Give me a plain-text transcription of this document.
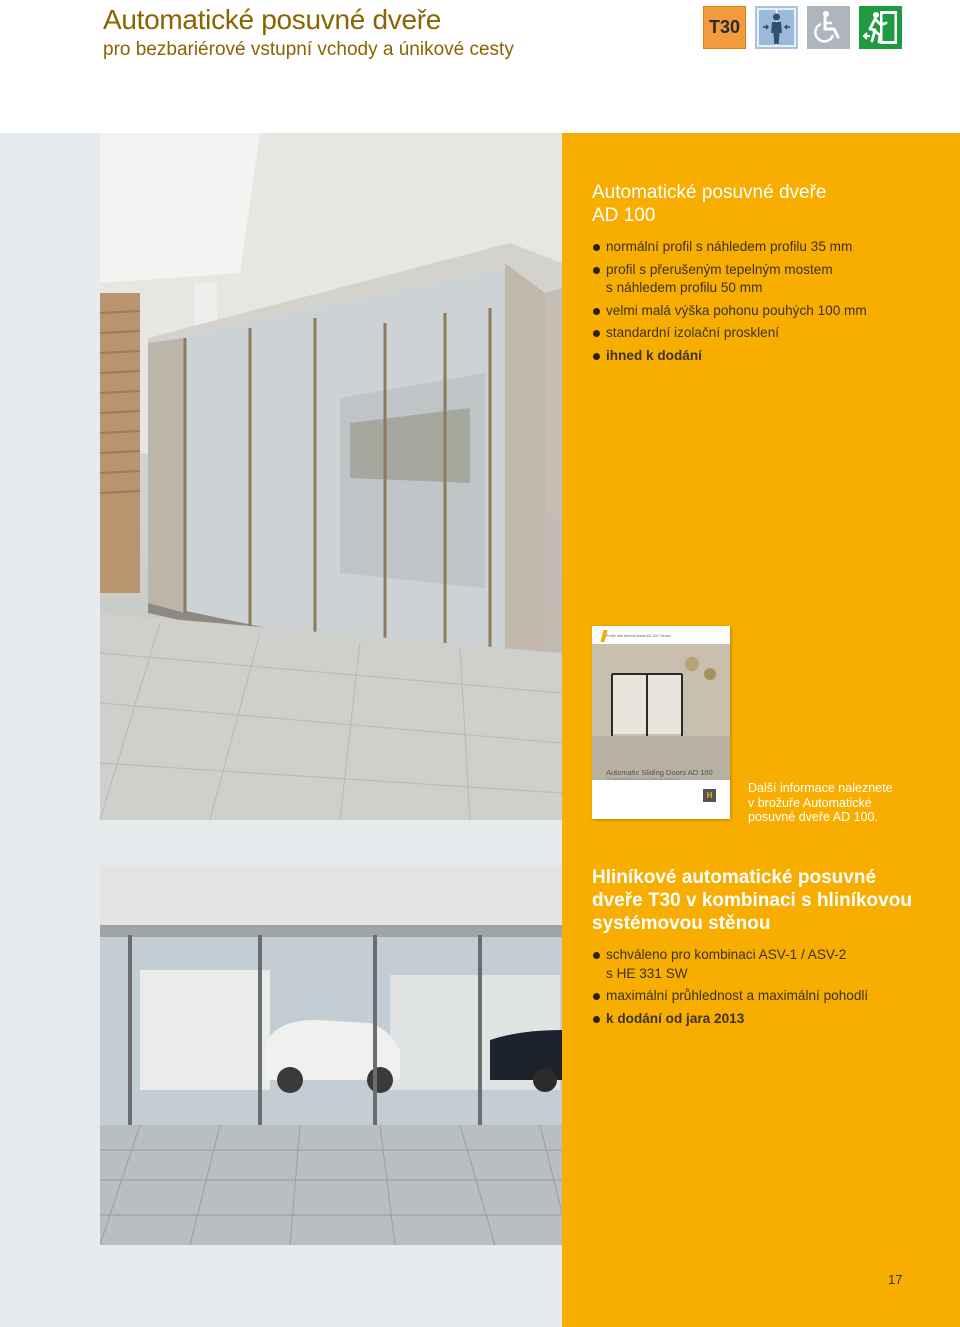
Automatické posuvné dveře

pro bezbariérové vstupní vchody a únikové cesty

T30
Automatické posuvné dveře
AD 100
normální profil s náhledem profilu 35 mm
profil s přerušeným tepelným mostem
s náhledem profilu 50 mm
velmi malá výška pohonu pouhých 100 mm
standardní izolační prosklení
ihned k dodání
Profile with thermal break AD 100 Thermo
Automatic Sliding Doors AD 100
Transparency and function, perfectly combined
H

Další informace naleznete
v brožuře Automatické
posuvné dveře AD 100.

Hliníkové automatické posuvné
dveře T30 v kombinaci s hliníkovou
systémovou stěnou
schváleno pro kombinaci ASV-1 / ASV-2
s HE 331 SW
maximální průhlednost a maximální pohodlí
k dodání od jara 2013
17
